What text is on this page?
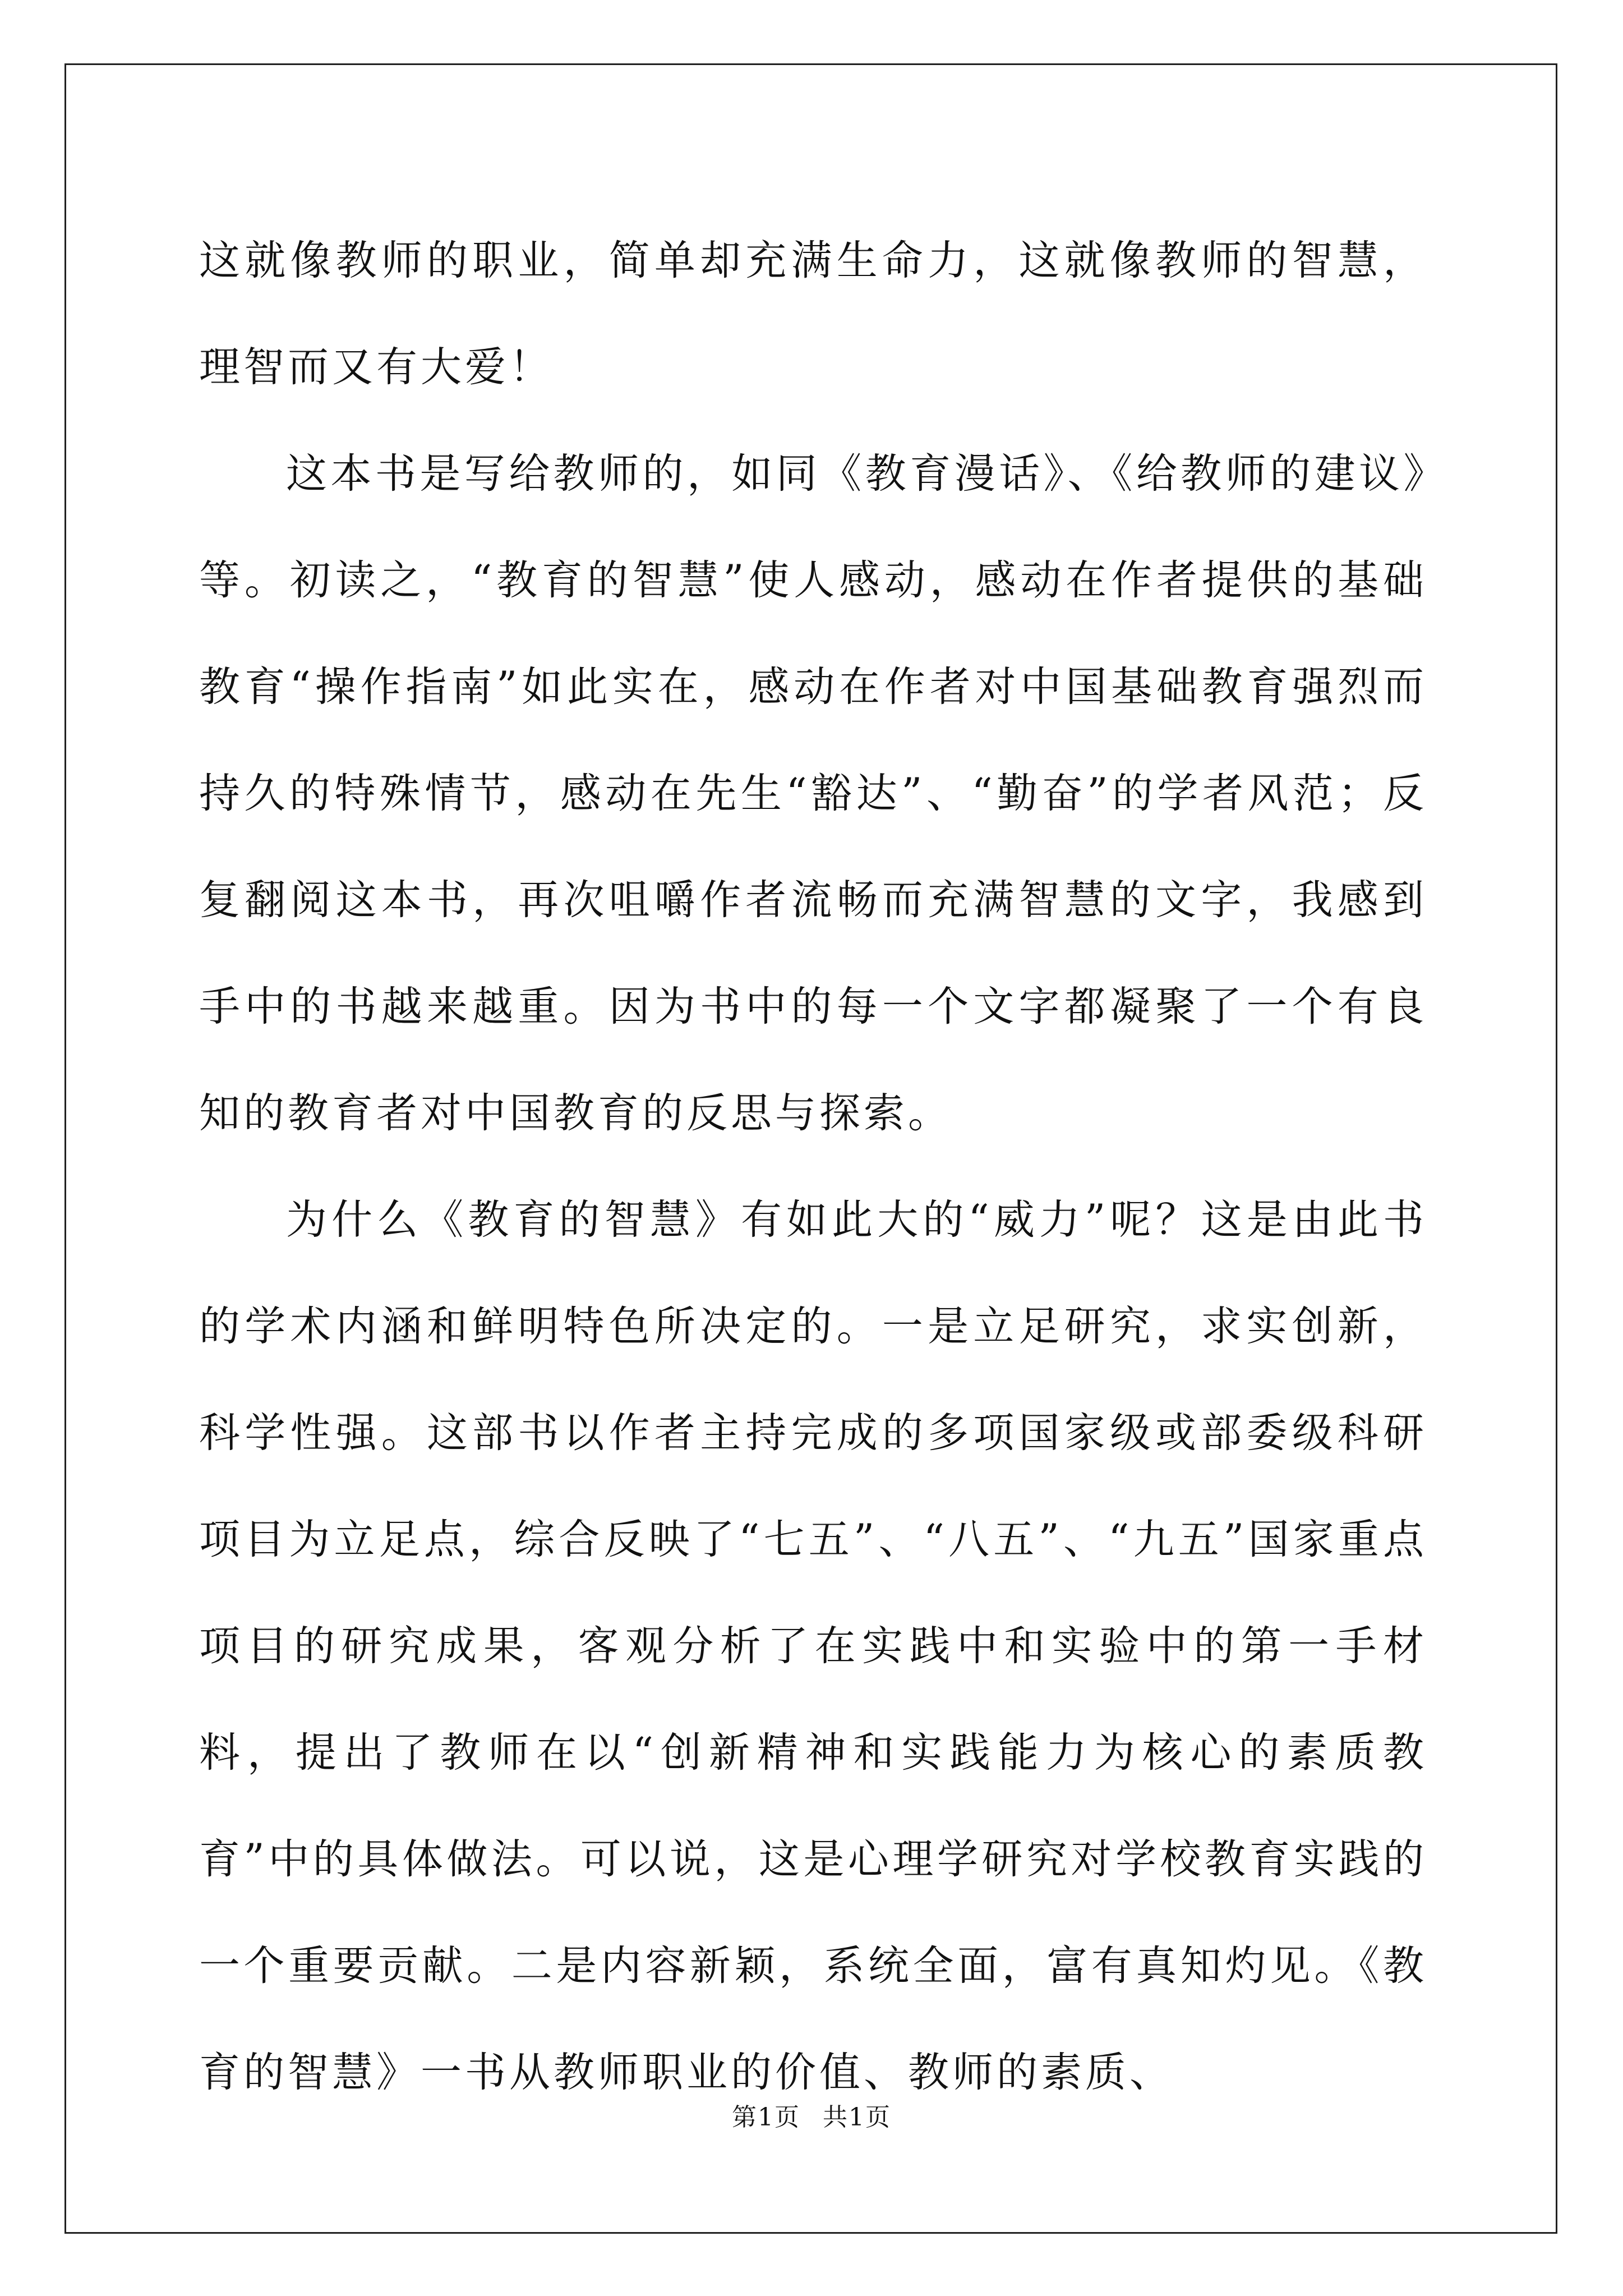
这就像教师的职业，简单却充满生命力，这就像教师的智慧，理智而又有大爱！

这本书是写给教师的，如同《教育漫话》、《给教师的建议》等。初读之，“教育的智慧”使人感动，感动在作者提供的基础教育“操作指南”如此实在，感动在作者对中国基础教育强烈而持久的特殊情节，感动在先生“豁达”、“勤奋”的学者风范；反复翻阅这本书，再次咀嚼作者流畅而充满智慧的文字，我感到手中的书越来越重。因为书中的每一个文字都凝聚了一个有良知的教育者对中国教育的反思与探索。

为什么《教育的智慧》有如此大的“威力”呢？这是由此书的学术内涵和鲜明特色所决定的。一是立足研究，求实创新，科学性强。这部书以作者主持完成的多项国家级或部委级科研项目为立足点，综合反映了“七五”、“八五”、“九五”国家重点项目的研究成果，客观分析了在实践中和实验中的第一手材料，提出了教师在以“创新精神和实践能力为核心的素质教育”中的具体做法。可以说，这是心理学研究对学校教育实践的一个重要贡献。二是内容新颖，系统全面，富有真知灼见。《教育的智慧》一书从教师职业的价值、教师的素质、

第1页 共1页
